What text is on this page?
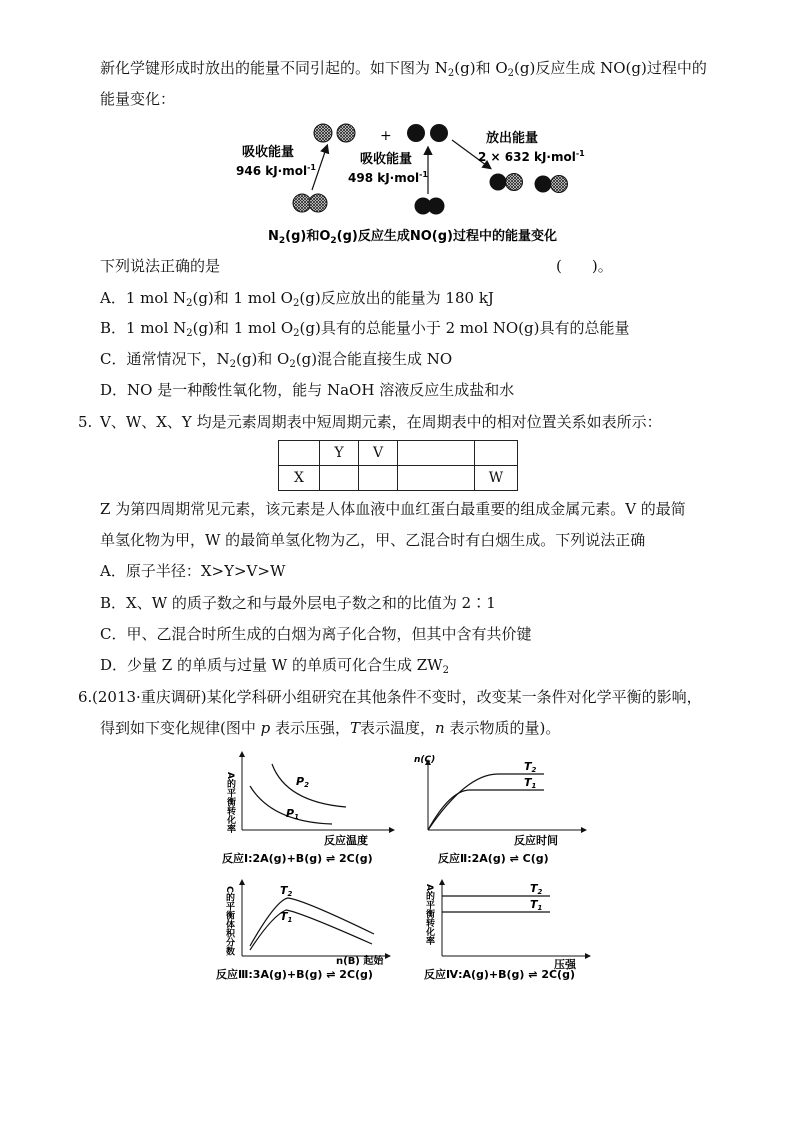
新化学键形成时放出的能量不同引起的。如下图为 $N_2(g)$和 $O_2(g)$反应生成 NO(g)过程中的
能量变化：
吸收能量
946 kJ·mol$^{-1}$
+
吸收能量
498 kJ·mol$^{-1}$
放出能量
2 × 632 kJ·mol$^{-1}$
$N_2(g)$和$O_2(g)$反应生成NO(g)过程中的能量变化
下列说法正确的是	(　　)。
A．1 mol $N_2(g)$和 1 mol $O_2(g)$反应放出的能量为 180 kJ
B．1 mol $N_2(g)$和 1 mol $O_2(g)$具有的总能量小于 2 mol NO(g)具有的总能量
C．通常情况下，$N_2(g)$和 $O_2(g)$混合能直接生成 NO
D．NO 是一种酸性氧化物，能与 NaOH 溶液反应生成盐和水
5. V、W、X、Y 均是元素周期表中短周期元素，在周期表中的相对位置关系如表所示：
	Y	V		
X				W
Z 为第四周期常见元素，该元素是人体血液中血红蛋白最重要的组成金属元素。V 的最简
单氢化物为甲，W 的最简单氢化物为乙，甲、乙混合时有白烟生成。下列说法正确
A．原子半径：X>Y>V>W
B．X、W 的质子数之和与最外层电子数之和的比值为 2∶1
C．甲、乙混合时所生成的白烟为离子化合物，但其中含有共价键
D．少量 Z 的单质与过量 W 的单质可化合生成 $ZW_2$
6. (2013·重庆调研)某化学科研小组研究在其他条件不变时，改变某一条件对化学平衡的影响，
得到如下变化规律(图中 p 表示压强，T表示温度，n 表示物质的量)。
P2
P1
A的平衡转化率
反应温度
反应Ⅰ:2A(g)+B(g) ⇌ 2C(g)
T2
T1
n(C)
反应时间
反应Ⅱ:2A(g) ⇌ C(g)
T2
T1
C的平衡体积分数
n(B) 起始
反应Ⅲ:3A(g)+B(g) ⇌ 2C(g)
T2
T1
A的平衡转化率
压强
反应Ⅳ:A(g)+B(g) ⇌ 2C(g)
